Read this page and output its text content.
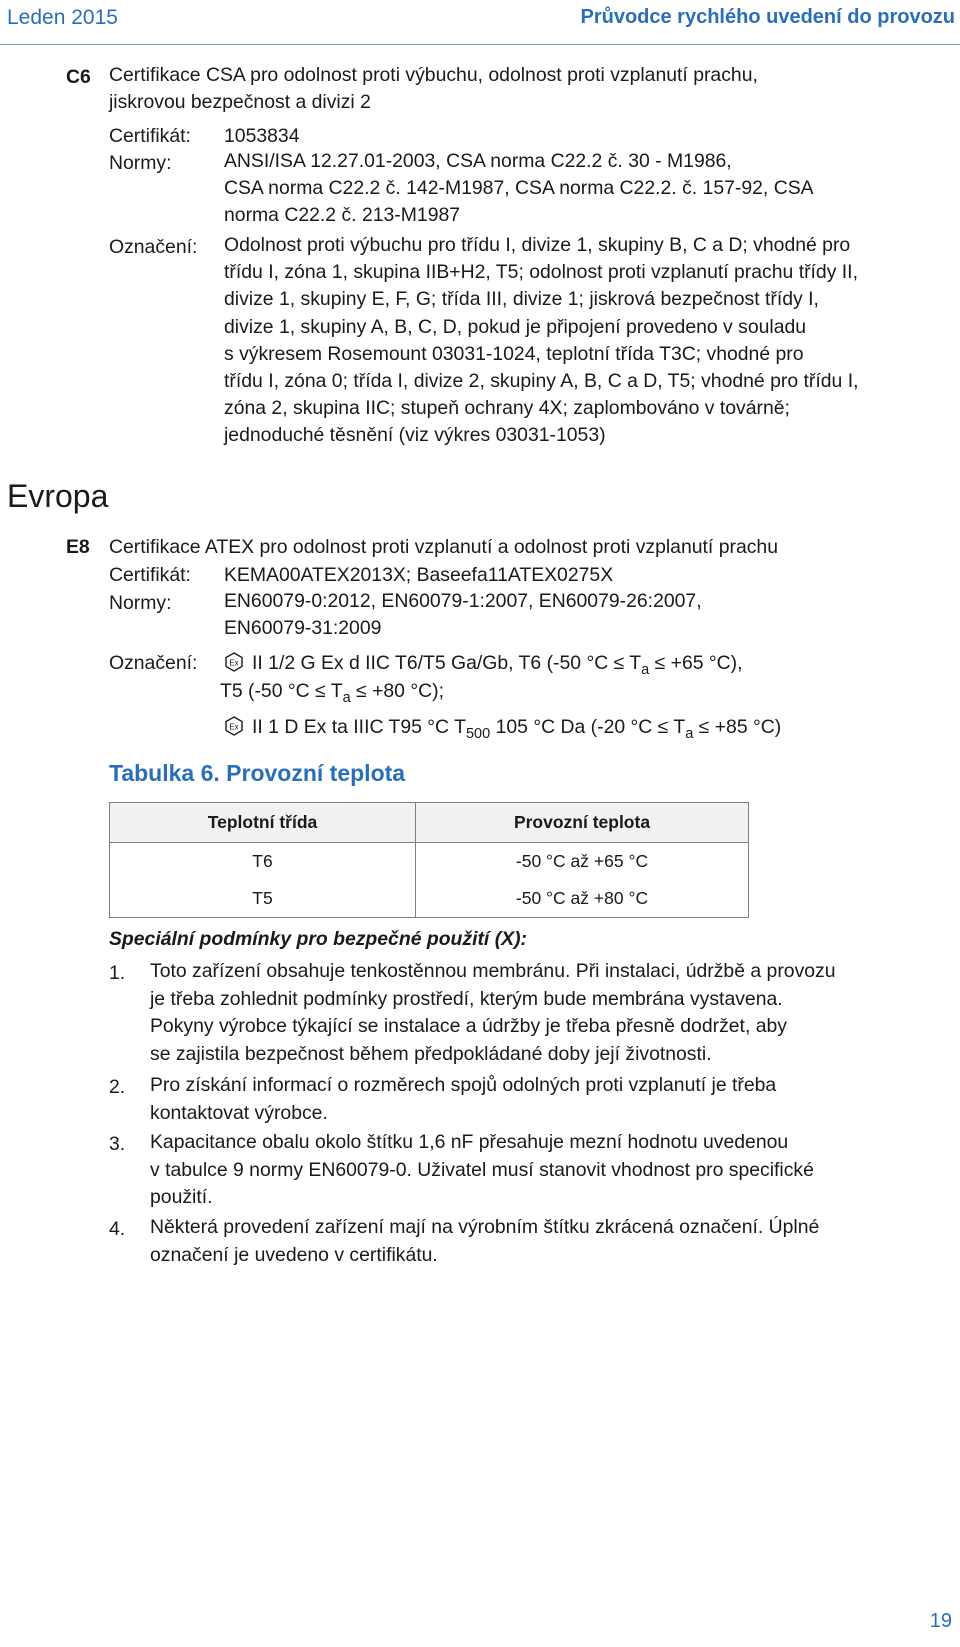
Leden 2015	Průvodce rychlého uvedení do provozu
Evropa
C6 Certifikace CSA pro odolnost proti výbuchu, odolnost proti vzplanutí prachu,
jiskrovou bezpečnost a divizi 2
Certifikát: 1053834
Normy:	ANSI/ISA 12.27.01-2003, CSA norma C22.2 č. 30 - M1986,
CSA norma C22.2 č. 142-M1987, CSA norma C22.2. č. 157-92, CSA
norma C22.2 č. 213-M1987
Označení: Odolnost proti výbuchu pro třídu I, divize 1, skupiny B, C a D; vhodné pro
třídu I, zóna 1, skupina IIB+H2, T5; odolnost proti vzplanutí prachu třídy II,
divize 1, skupiny E, F, G; třída III, divize 1; jiskrová bezpečnost třídy I,
divize 1, skupiny A, B, C, D, pokud je připojení provedeno v souladu
s výkresem Rosemount 03031-1024, teplotní třída T3C; vhodné pro
třídu I, zóna 0; třída I, divize 2, skupiny A, B, C a D, T5; vhodné pro třídu I,
zóna 2, skupina IIC; stupeň ochrany 4X; zaplombováno v továrně;
jednoduché těsnění (viz výkres 03031-1053)
E8 Certifikace ATEX pro odolnost proti vzplanutí a odolnost proti vzplanutí prachu
Certifikát: KEMA00ATEX2013X; Baseefa11ATEX0275X
Normy:	EN60079-0:2012, EN60079-1:2007, EN60079-26:2007,
EN60079-31:2009
Označení:	Ex II 1/2 G Ex d IIC T6/T5 Ga/Gb, T6 (-50 $^\circ C \le T_a \le +65$ °C),
T5 (-50 $^\circ C \le T_a \le +80$ °C);
Ex II 1 D Ex ta IIIC T95 °C $T_{500}$ 105 °C Da (-20 $^\circ C \le T_a \le +85$ °C)
Tabulka 6. Provozní teplota
Teplotní třída	Provozní teplota
T6	-50 °C až +65 °C
T5	-50 °C až +80 °C
Speciální podmínky pro bezpečné použití (X):
1. Toto zařízení obsahuje tenkostěnnou membránu. Při instalaci, údržbě a provozu
je třeba zohlednit podmínky prostředí, kterým bude membrána vystavena.
Pokyny výrobce týkající se instalace a údržby je třeba přesně dodržet, aby
se zajistila bezpečnost během předpokládané doby její životnosti.
2. Pro získání informací o rozměrech spojů odolných proti vzplanutí je třeba
kontaktovat výrobce.
3. Kapacitance obalu okolo štítku 1,6 nF přesahuje mezní hodnotu uvedenou
v tabulce 9 normy EN60079-0. Uživatel musí stanovit vhodnost pro specifické
použití.
4. Některá provedení zařízení mají na výrobním štítku zkrácená označení. Úplné
označení je uvedeno v certifikátu.
19
